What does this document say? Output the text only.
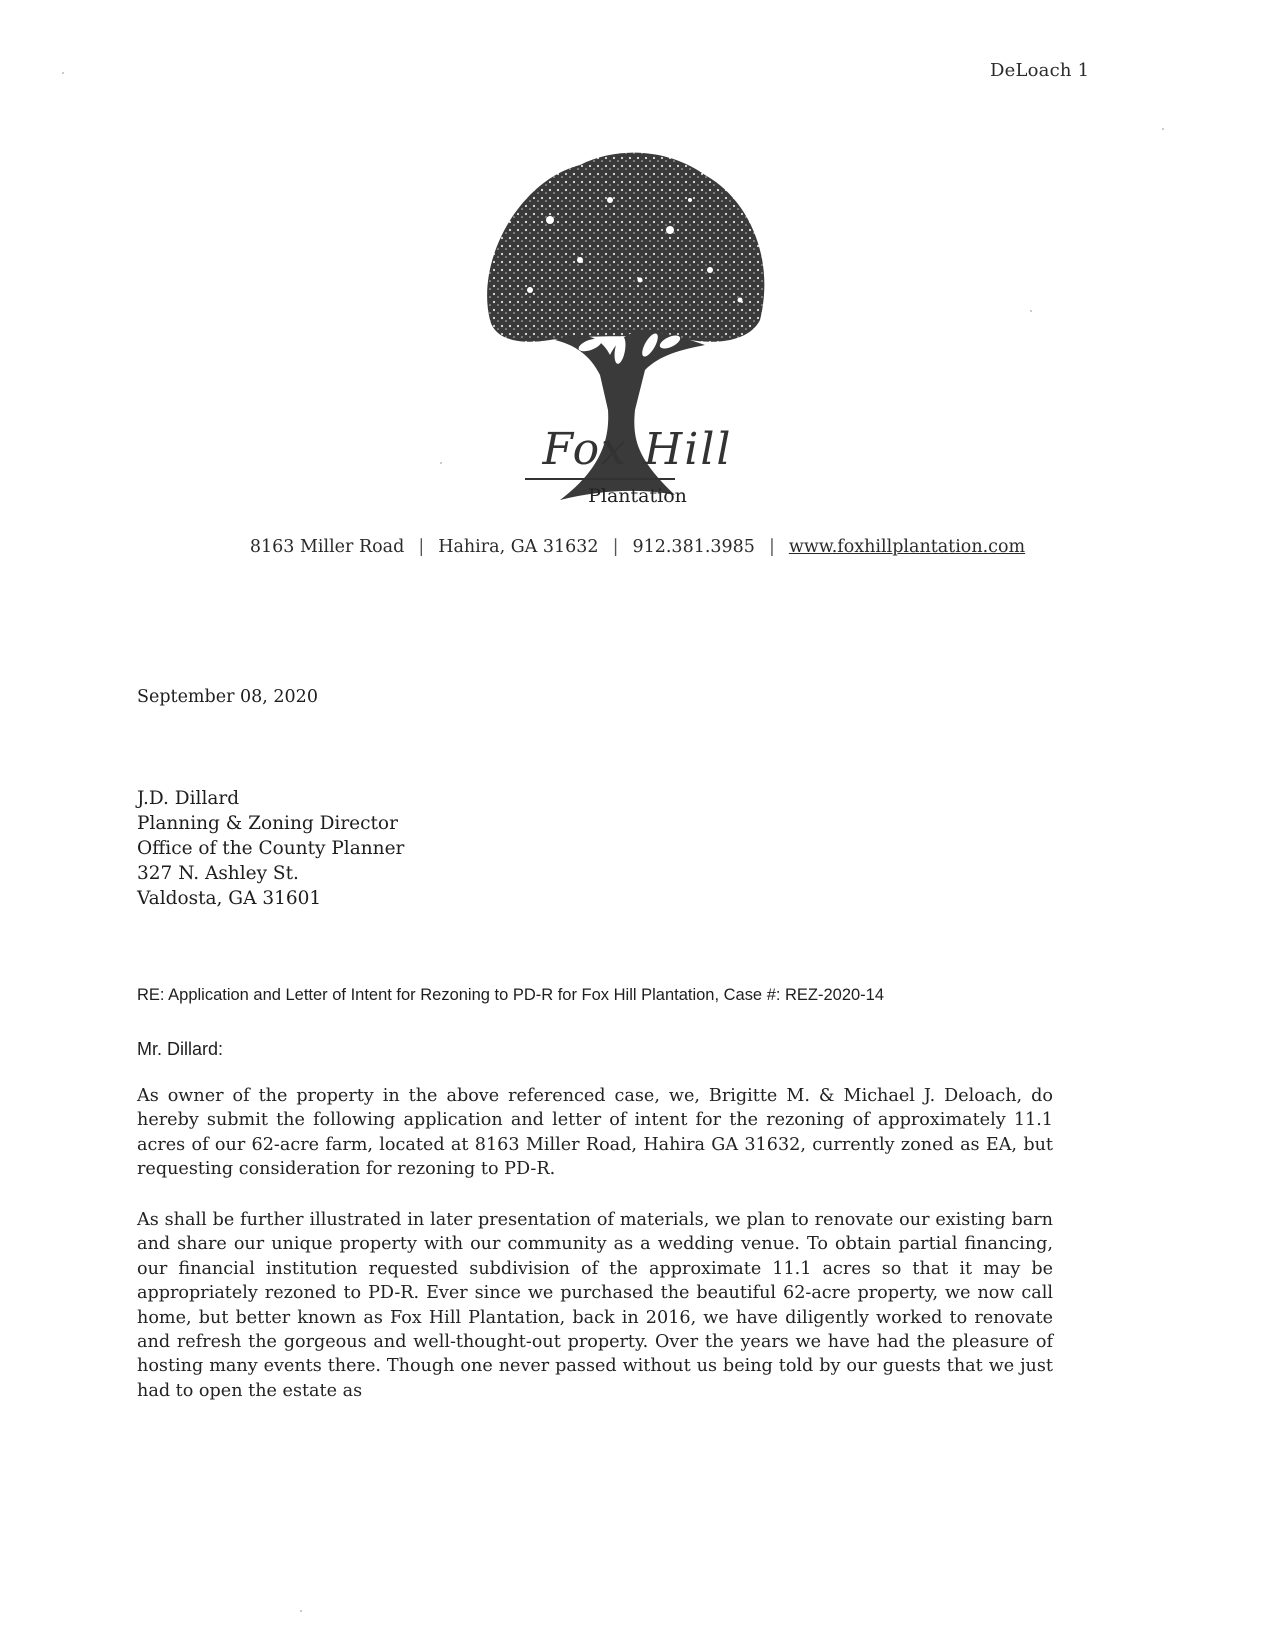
DeLoach 1
Fox Hill
Plantation
8163 Miller Road | Hahira, GA 31632 | 912.381.3985 | www.foxhillplantation.com
September 08, 2020
J.D. Dillard
Planning & Zoning Director
Office of the County Planner
327 N. Ashley St.
Valdosta, GA 31601
RE: Application and Letter of Intent for Rezoning to PD-R for Fox Hill Plantation, Case #: REZ-2020-14
Mr. Dillard:
As owner of the property in the above referenced case, we, Brigitte M. & Michael J. Deloach, do hereby submit the following application and letter of intent for the rezoning of approximately 11.1 acres of our 62-acre farm, located at 8163 Miller Road, Hahira GA 31632, currently zoned as EA, but requesting consideration for rezoning to PD-R.
As shall be further illustrated in later presentation of materials, we plan to renovate our existing barn and share our unique property with our community as a wedding venue. To obtain partial financing, our financial institution requested subdivision of the approximate 11.1 acres so that it may be appropriately rezoned to PD-R. Ever since we purchased the beautiful 62-acre property, we now call home, but better known as Fox Hill Plantation, back in 2016, we have diligently worked to renovate and refresh the gorgeous and well-thought-out property. Over the years we have had the pleasure of hosting many events there. Though one never passed without us being told by our guests that we just had to open the estate as
